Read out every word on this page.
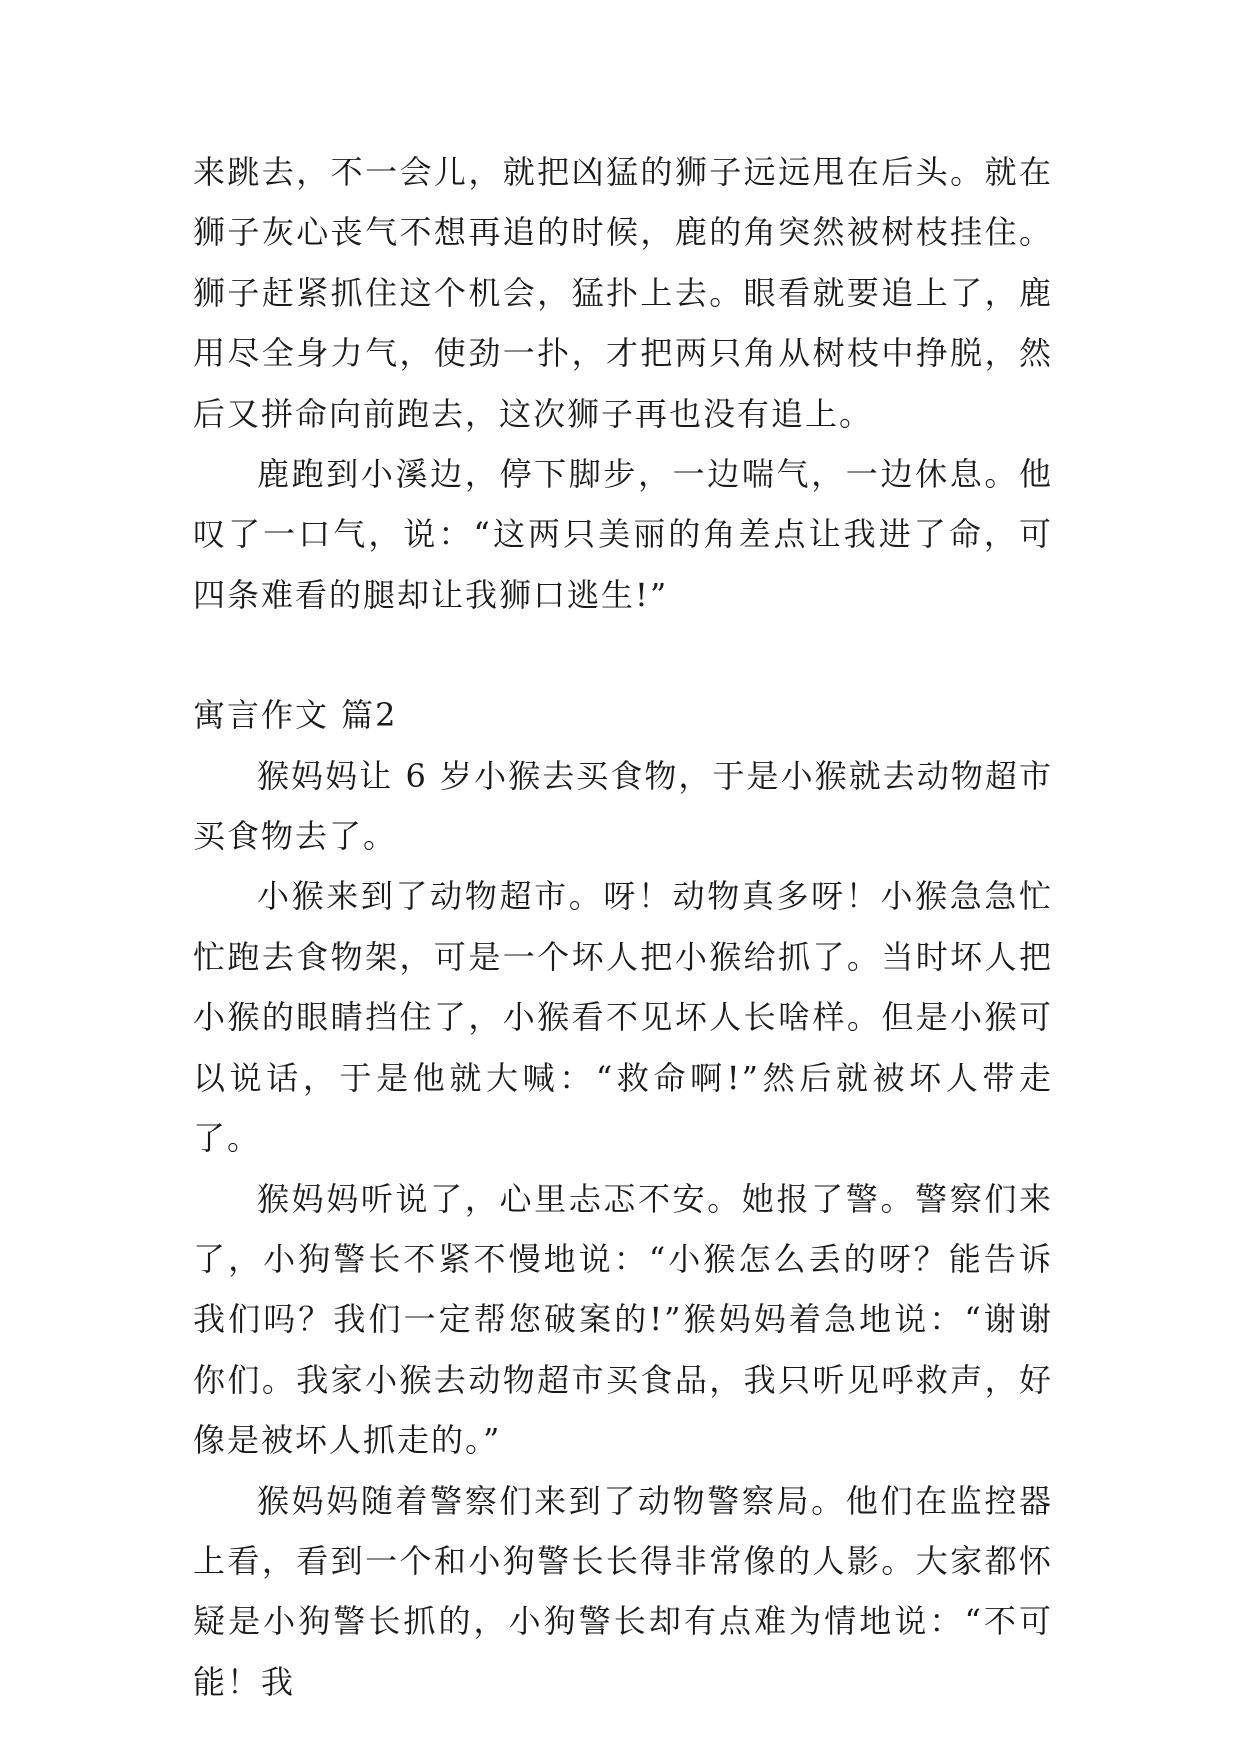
来跳去，不一会儿，就把凶猛的狮子远远甩在后头。就在狮子灰心丧气不想再追的时候，鹿的角突然被树枝挂住。狮子赶紧抓住这个机会，猛扑上去。眼看就要追上了，鹿用尽全身力气，使劲一扑，才把两只角从树枝中挣脱，然后又拼命向前跑去，这次狮子再也没有追上。

鹿跑到小溪边，停下脚步，一边喘气，一边休息。他叹了一口气，说：“这两只美丽的角差点让我进了命，可四条难看的腿却让我狮口逃生!”

寓言作文 篇2

猴妈妈让 6 岁小猴去买食物，于是小猴就去动物超市买食物去了。

小猴来到了动物超市。呀！动物真多呀！小猴急急忙忙跑去食物架，可是一个坏人把小猴给抓了。当时坏人把小猴的眼睛挡住了，小猴看不见坏人长啥样。但是小猴可以说话，于是他就大喊：“救命啊!”然后就被坏人带走了。

猴妈妈听说了，心里忐忑不安。她报了警。警察们来了，小狗警长不紧不慢地说：“小猴怎么丢的呀？能告诉我们吗？我们一定帮您破案的!”猴妈妈着急地说：“谢谢你们。我家小猴去动物超市买食品，我只听见呼救声，好像是被坏人抓走的。”

猴妈妈随着警察们来到了动物警察局。他们在监控器上看，看到一个和小狗警长长得非常像的人影。大家都怀疑是小狗警长抓的，小狗警长却有点难为情地说：“不可能！我
